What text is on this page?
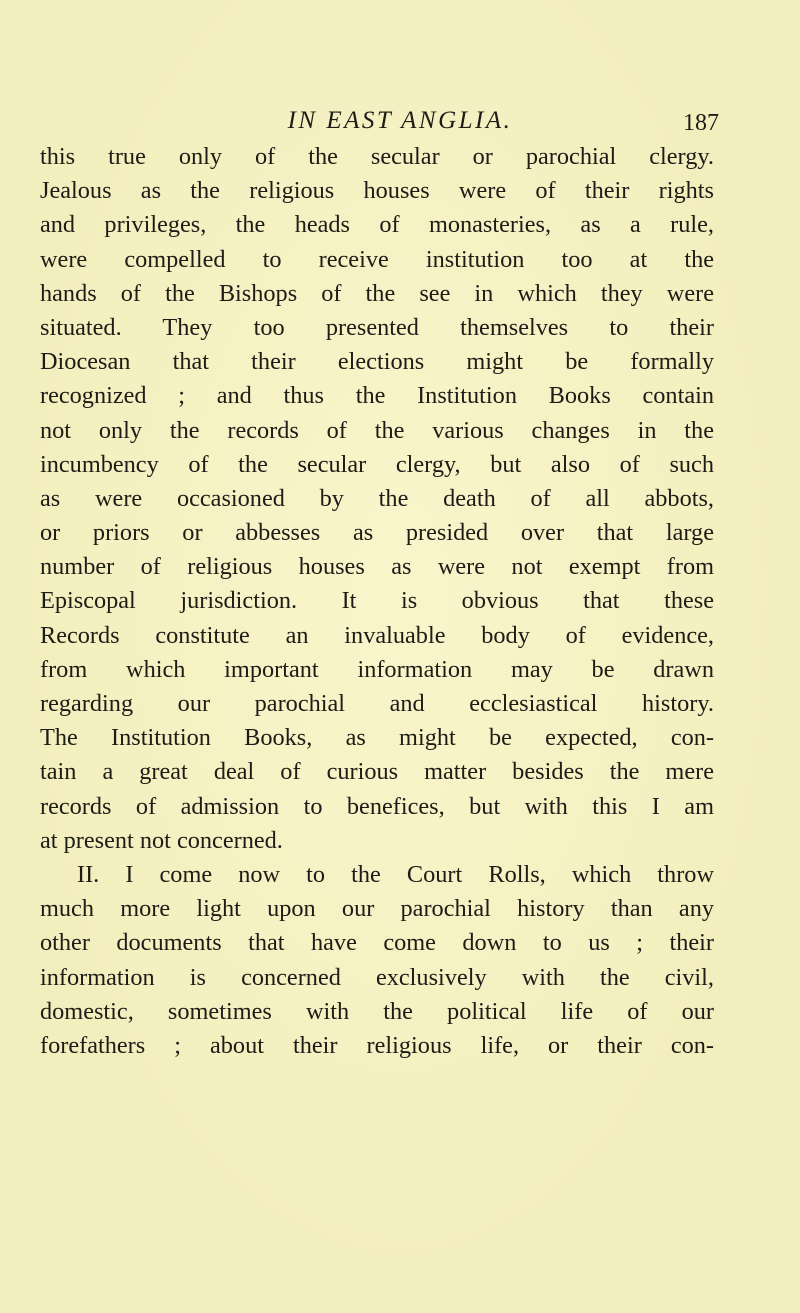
IN EAST ANGLIA.	187
this true only of the secular or parochial clergy.
Jealous as the religious houses were of their rights
and privileges, the heads of monasteries, as a rule,
were compelled to receive institution too at the
hands of the Bishops of the see in which they were
situated. They too presented themselves to their
Diocesan that their elections might be formally
recognized ; and thus the Institution Books contain
not only the records of the various changes in the
incumbency of the secular clergy, but also of such
as were occasioned by the death of all abbots,
or priors or abbesses as presided over that large
number of religious houses as were not exempt from
Episcopal jurisdiction. It is obvious that these
Records constitute an invaluable body of evidence,
from which important information may be drawn
regarding our parochial and ecclesiastical history.
The Institution Books, as might be expected, con-
tain a great deal of curious matter besides the mere
records of admission to benefices, but with this I am
at present not concerned.
II. I come now to the Court Rolls, which throw
much more light upon our parochial history than any
other documents that have come down to us ; their
information is concerned exclusively with the civil,
domestic, sometimes with the political life of our
forefathers ; about their religious life, or their con-
